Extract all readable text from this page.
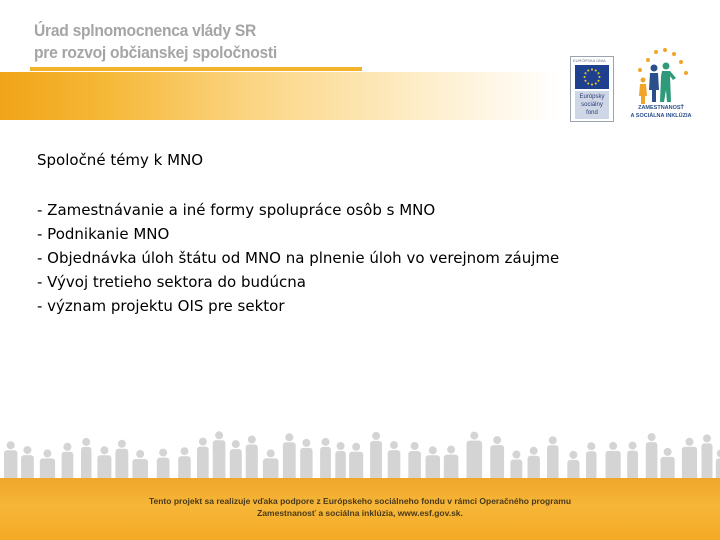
Úrad splnomocnenca vlády SR
pre rozvoj občianskej spoločnosti	EURÓPSKA ÚNIA
Európsky
sociálny
fond
ZAMESTNANOSŤ
A SOCIÁLNA INKLÚZIA
Spoločné témy k MNO
- Zamestnávanie a iné formy spolupráce osôb s MNO
- Podnikanie MNO
- Objednávka úloh štátu od MNO na plnenie úloh vo verejnom záujme
- Vývoj tretieho sektora do budúcna
- význam projektu OIS pre sektor
Tento projekt sa realizuje vďaka podpore z Európskeho sociálneho fondu v rámci Operačného programu
Zamestnanosť a sociálna inklúzia, www.esf.gov.sk.
